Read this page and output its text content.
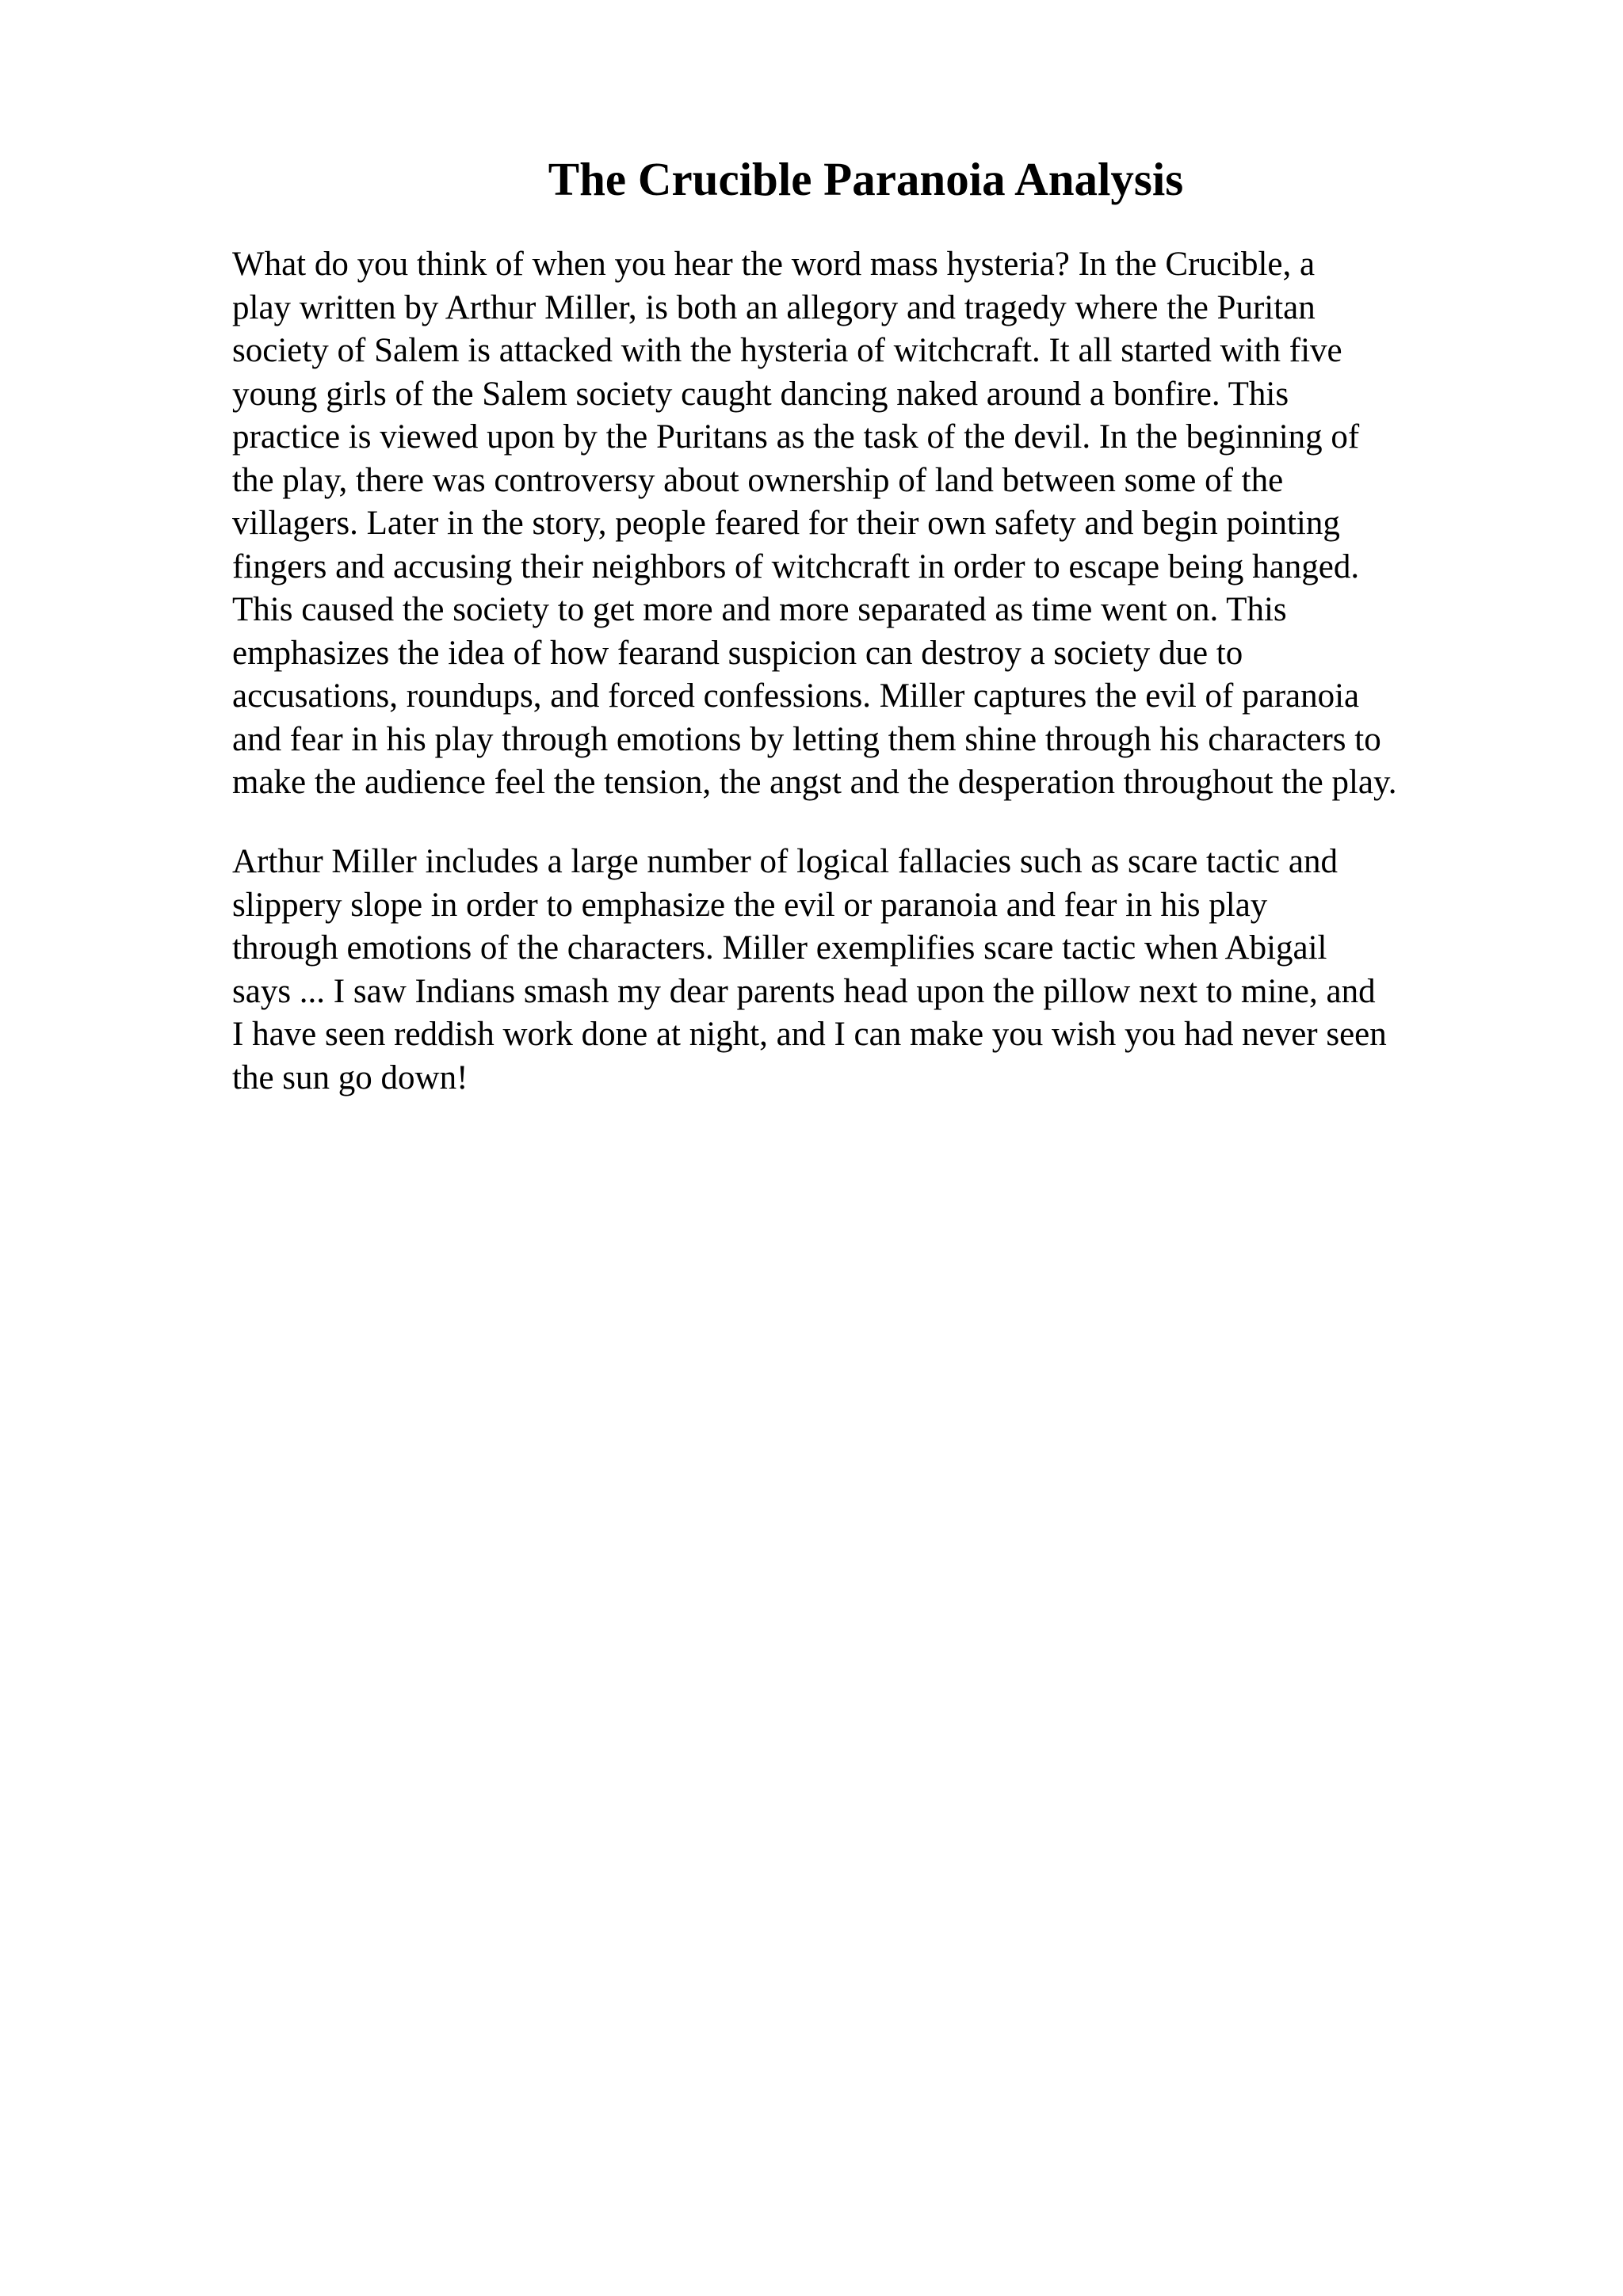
The Crucible Paranoia Analysis

What do you think of when you hear the word mass hysteria? In the Crucible, a
play written by Arthur Miller, is both an allegory and tragedy where the Puritan
society of Salem is attacked with the hysteria of witchcraft. It all started with five
young girls of the Salem society caught dancing naked around a bonfire. This
practice is viewed upon by the Puritans as the task of the devil. In the beginning of
the play, there was controversy about ownership of land between some of the
villagers. Later in the story, people feared for their own safety and begin pointing
fingers and accusing their neighbors of witchcraft in order to escape being hanged.
This caused the society to get more and more separated as time went on. This
emphasizes the idea of how fearand suspicion can destroy a society due to
accusations, roundups, and forced confessions. Miller captures the evil of paranoia
and fear in his play through emotions by letting them shine through his characters to
make the audience feel the tension, the angst and the desperation throughout the play.

Arthur Miller includes a large number of logical fallacies such as scare tactic and
slippery slope in order to emphasize the evil or paranoia and fear in his play
through emotions of the characters. Miller exemplifies scare tactic when Abigail
says ... I saw Indians smash my dear parents head upon the pillow next to mine, and
I have seen reddish work done at night, and I can make you wish you had never seen
the sun go down!
